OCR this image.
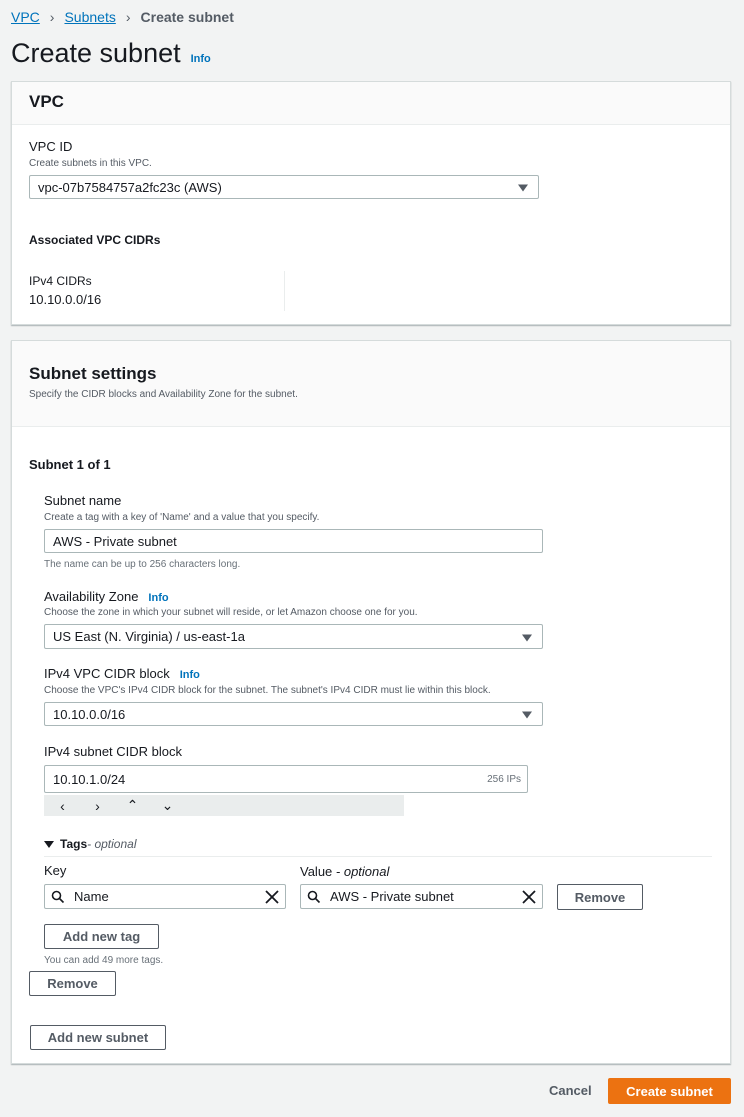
VPC › Subnets › Create subnet
Create subnet Info
VPC
VPC ID
Create subnets in this VPC.
vpc-07b7584757a2fc23c (AWS)
Associated VPC CIDRs
IPv4 CIDRs
10.10.0.0/16
Subnet settings
Specify the CIDR blocks and Availability Zone for the subnet.
Subnet 1 of 1
Subnet name
Create a tag with a key of 'Name' and a value that you specify.
AWS - Private subnet
The name can be up to 256 characters long.
Availability Zone Info
Choose the zone in which your subnet will reside, or let Amazon choose one for you.
US East (N. Virginia) / us-east-1a
IPv4 VPC CIDR block Info
Choose the VPC's IPv4 CIDR block for the subnet. The subnet's IPv4 CIDR must lie within this block.
10.10.0.0/16
IPv4 subnet CIDR block
10.10.1.0/24	256 IPs
‹	›	⌃	⌄
Tags - optional
Key	Value - optional
Name	AWS - Private subnet	Remove
Add new tag
You can add 49 more tags.
Remove
Add new subnet
Cancel	Create subnet
